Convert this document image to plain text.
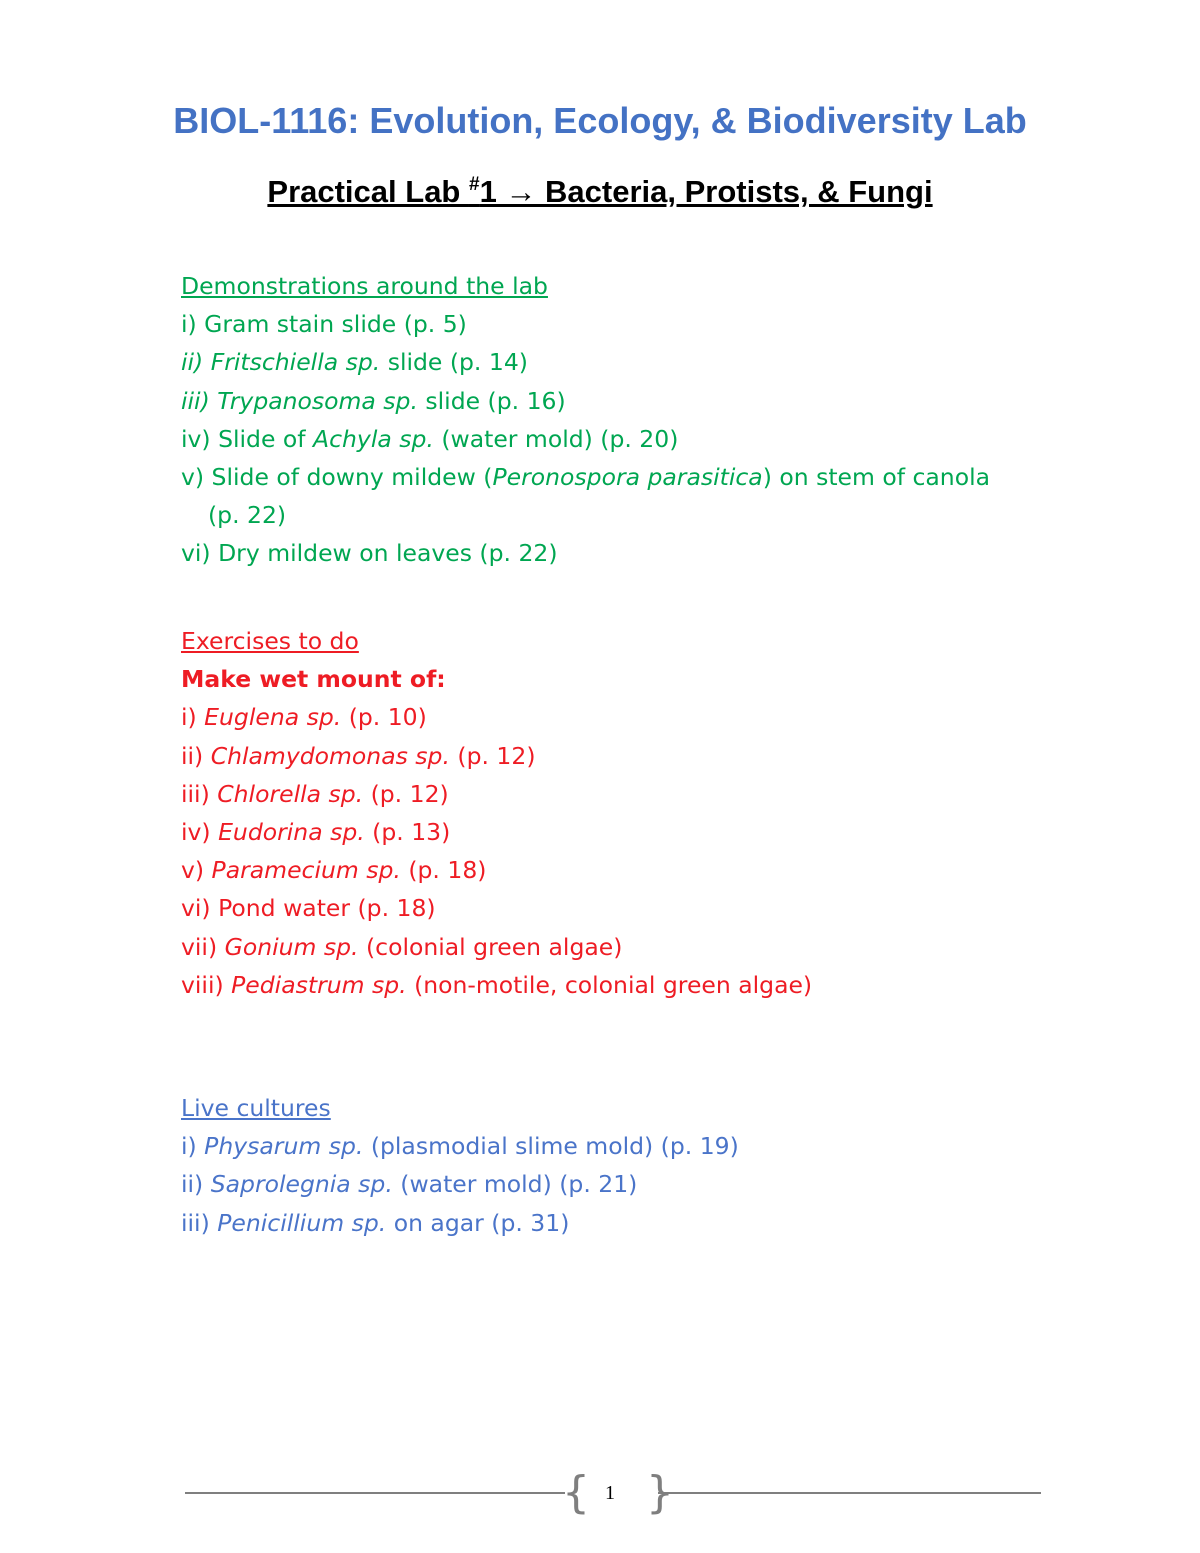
BIOL-1116: Evolution, Ecology, & Biodiversity Lab
Practical Lab #1 → Bacteria, Protists, & Fungi
Demonstrations around the lab
i) Gram stain slide (p. 5)
ii) Fritschiella sp. slide (p. 14)
iii) Trypanosoma sp. slide (p. 16)
iv) Slide of Achyla sp. (water mold) (p. 20)
v) Slide of downy mildew (Peronospora parasitica) on stem of canola
(p. 22)
vi) Dry mildew on leaves (p. 22)
Exercises to do
Make wet mount of:
i) Euglena sp. (p. 10)
ii) Chlamydomonas sp. (p. 12)
iii) Chlorella sp. (p. 12)
iv) Eudorina sp. (p. 13)
v) Paramecium sp. (p. 18)
vi) Pond water (p. 18)
vii) Gonium sp. (colonial green algae)
viii) Pediastrum sp. (non-motile, colonial green algae)
Live cultures
i) Physarum sp. (plasmodial slime mold) (p. 19)
ii) Saprolegnia sp. (water mold) (p. 21)
iii) Penicillium sp. on agar (p. 31)
{ 1 }
